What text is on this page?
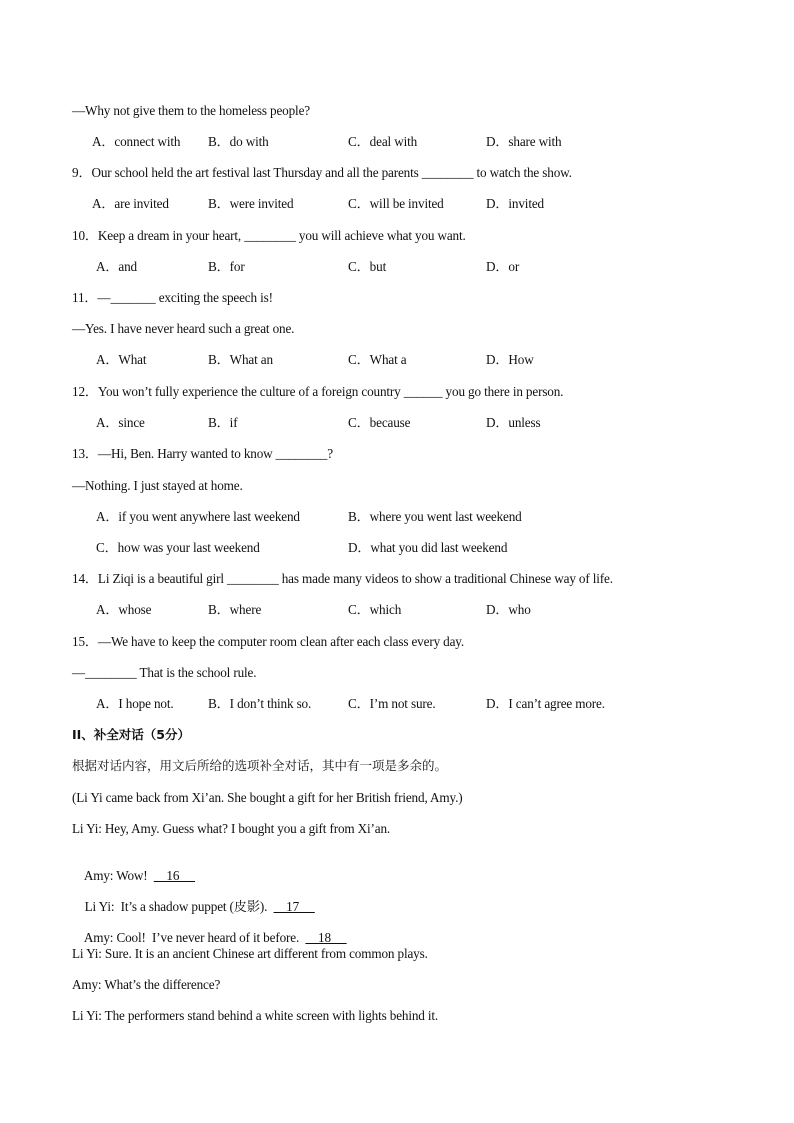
—Why not give them to the homeless people?
A．connect with B．do with	C．deal with	D．share with
9．Our school held the art festival last Thursday and all the parents ________ to watch the show.
A．are invited	B．were invited	C．will be invited	D．invited
10．Keep a dream in your heart, ________ you will achieve what you want.
A．and	B．for	C．but	D．or
11．—_______ exciting the speech is!
—Yes. I have never heard such a great one.
A．What	B．What an	C．What a	D．How
12．You won’t fully experience the culture of a foreign country ______ you go there in person.
A．since	B．if	C．because	D．unless
13．—Hi, Ben. Harry wanted to know ________?
—Nothing. I just stayed at home.
A．if you went anywhere last weekend	B．where you went last weekend
C．how was your last weekend	D．what you did last weekend
14．Li Ziqi is a beautiful girl ________ has made many videos to show a traditional Chinese way of life.
A．whose	B．where	C．which	D．who
15．—We have to keep the computer room clean after each class every day.
—________ That is the school rule.
A．I hope not.	B．I don’t think so.	C．I’m not sure.	D．I can’t agree more.
II、补全对话（5分）
根据对话内容，用文后所给的选项补全对话，其中有一项是多余的。
(Li Yi came back from Xi’an. She bought a gift for her British friend, Amy.)
Li Yi: Hey, Amy. Guess what? I bought you a gift from Xi’an.

Amy: Wow!      16

Li Yi:  It’s a shadow puppet (皮影).      17

Amy: Cool!  I’ve never heard of it before.      18

Li Yi: Sure. It is an ancient Chinese art different from common plays.
Amy: What’s the difference?
Li Yi: The performers stand behind a white screen with lights behind it.
